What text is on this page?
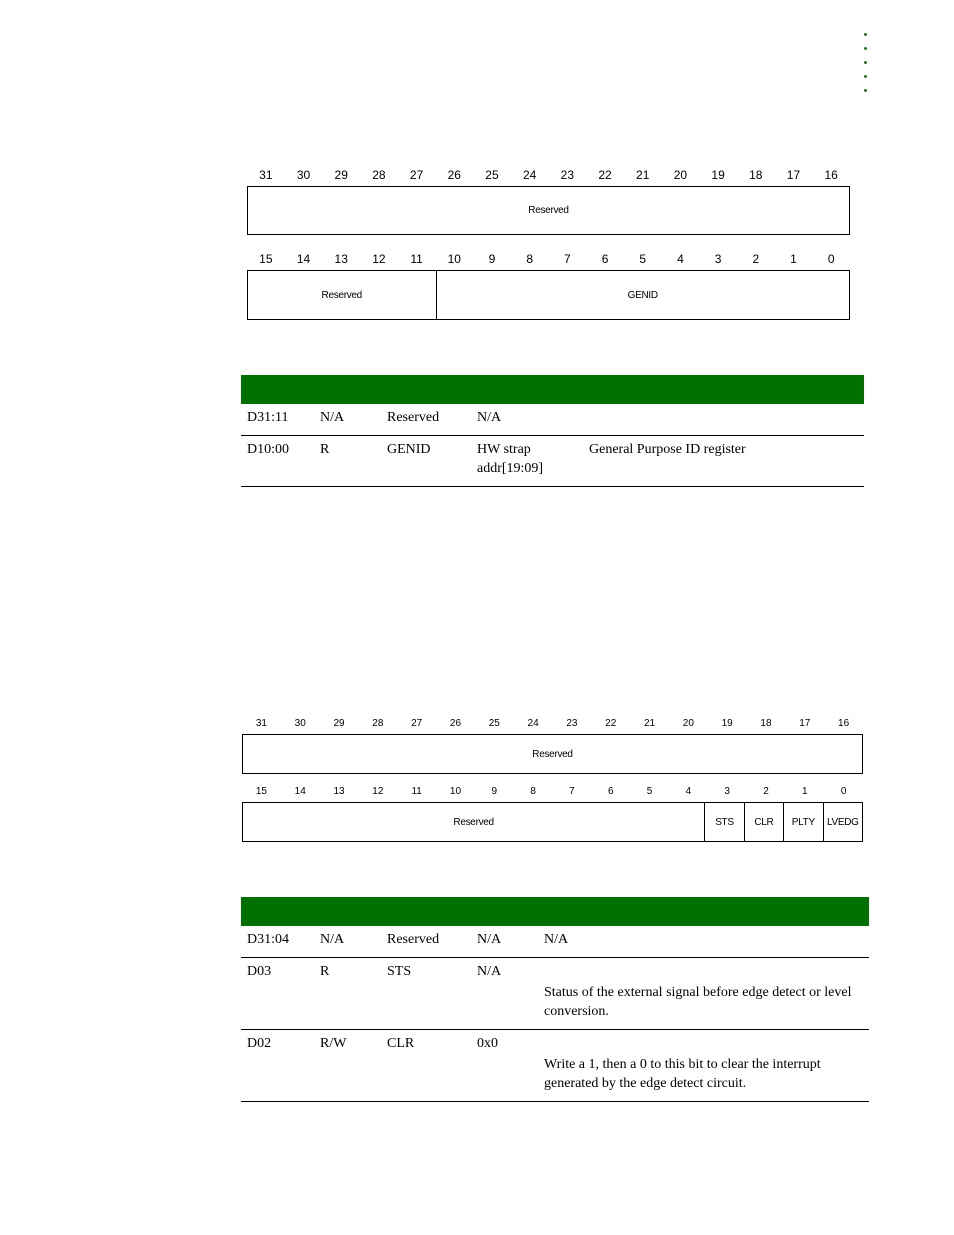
31	30	29	28	27	26	25	24	23	22	21	20	19	18	17	16
Reserved
15	14	13	12	11	10	9	8	7	6	5	4	3	2	1	0
Reserved	GENID

D31:11	N/A	Reserved	N/A	
D10:00	R	GENID	HW strap addr[19:09]	General Purpose ID register
31	30	29	28	27	26	25	24	23	22	21	20	19	18	17	16
Reserved
15	14	13	12	11	10	9	8	7	6	5	4	3	2	1	0
Reserved	STS	CLR	PLTY	LVEDG

D31:04	N/A	Reserved	N/A	N/A
D03	R	STS	N/A	Status of the external signal before edge detect or level conversion.
D02	R/W	CLR	0x0	Write a 1, then a 0 to this bit to clear the interrupt generated by the edge detect circuit.
